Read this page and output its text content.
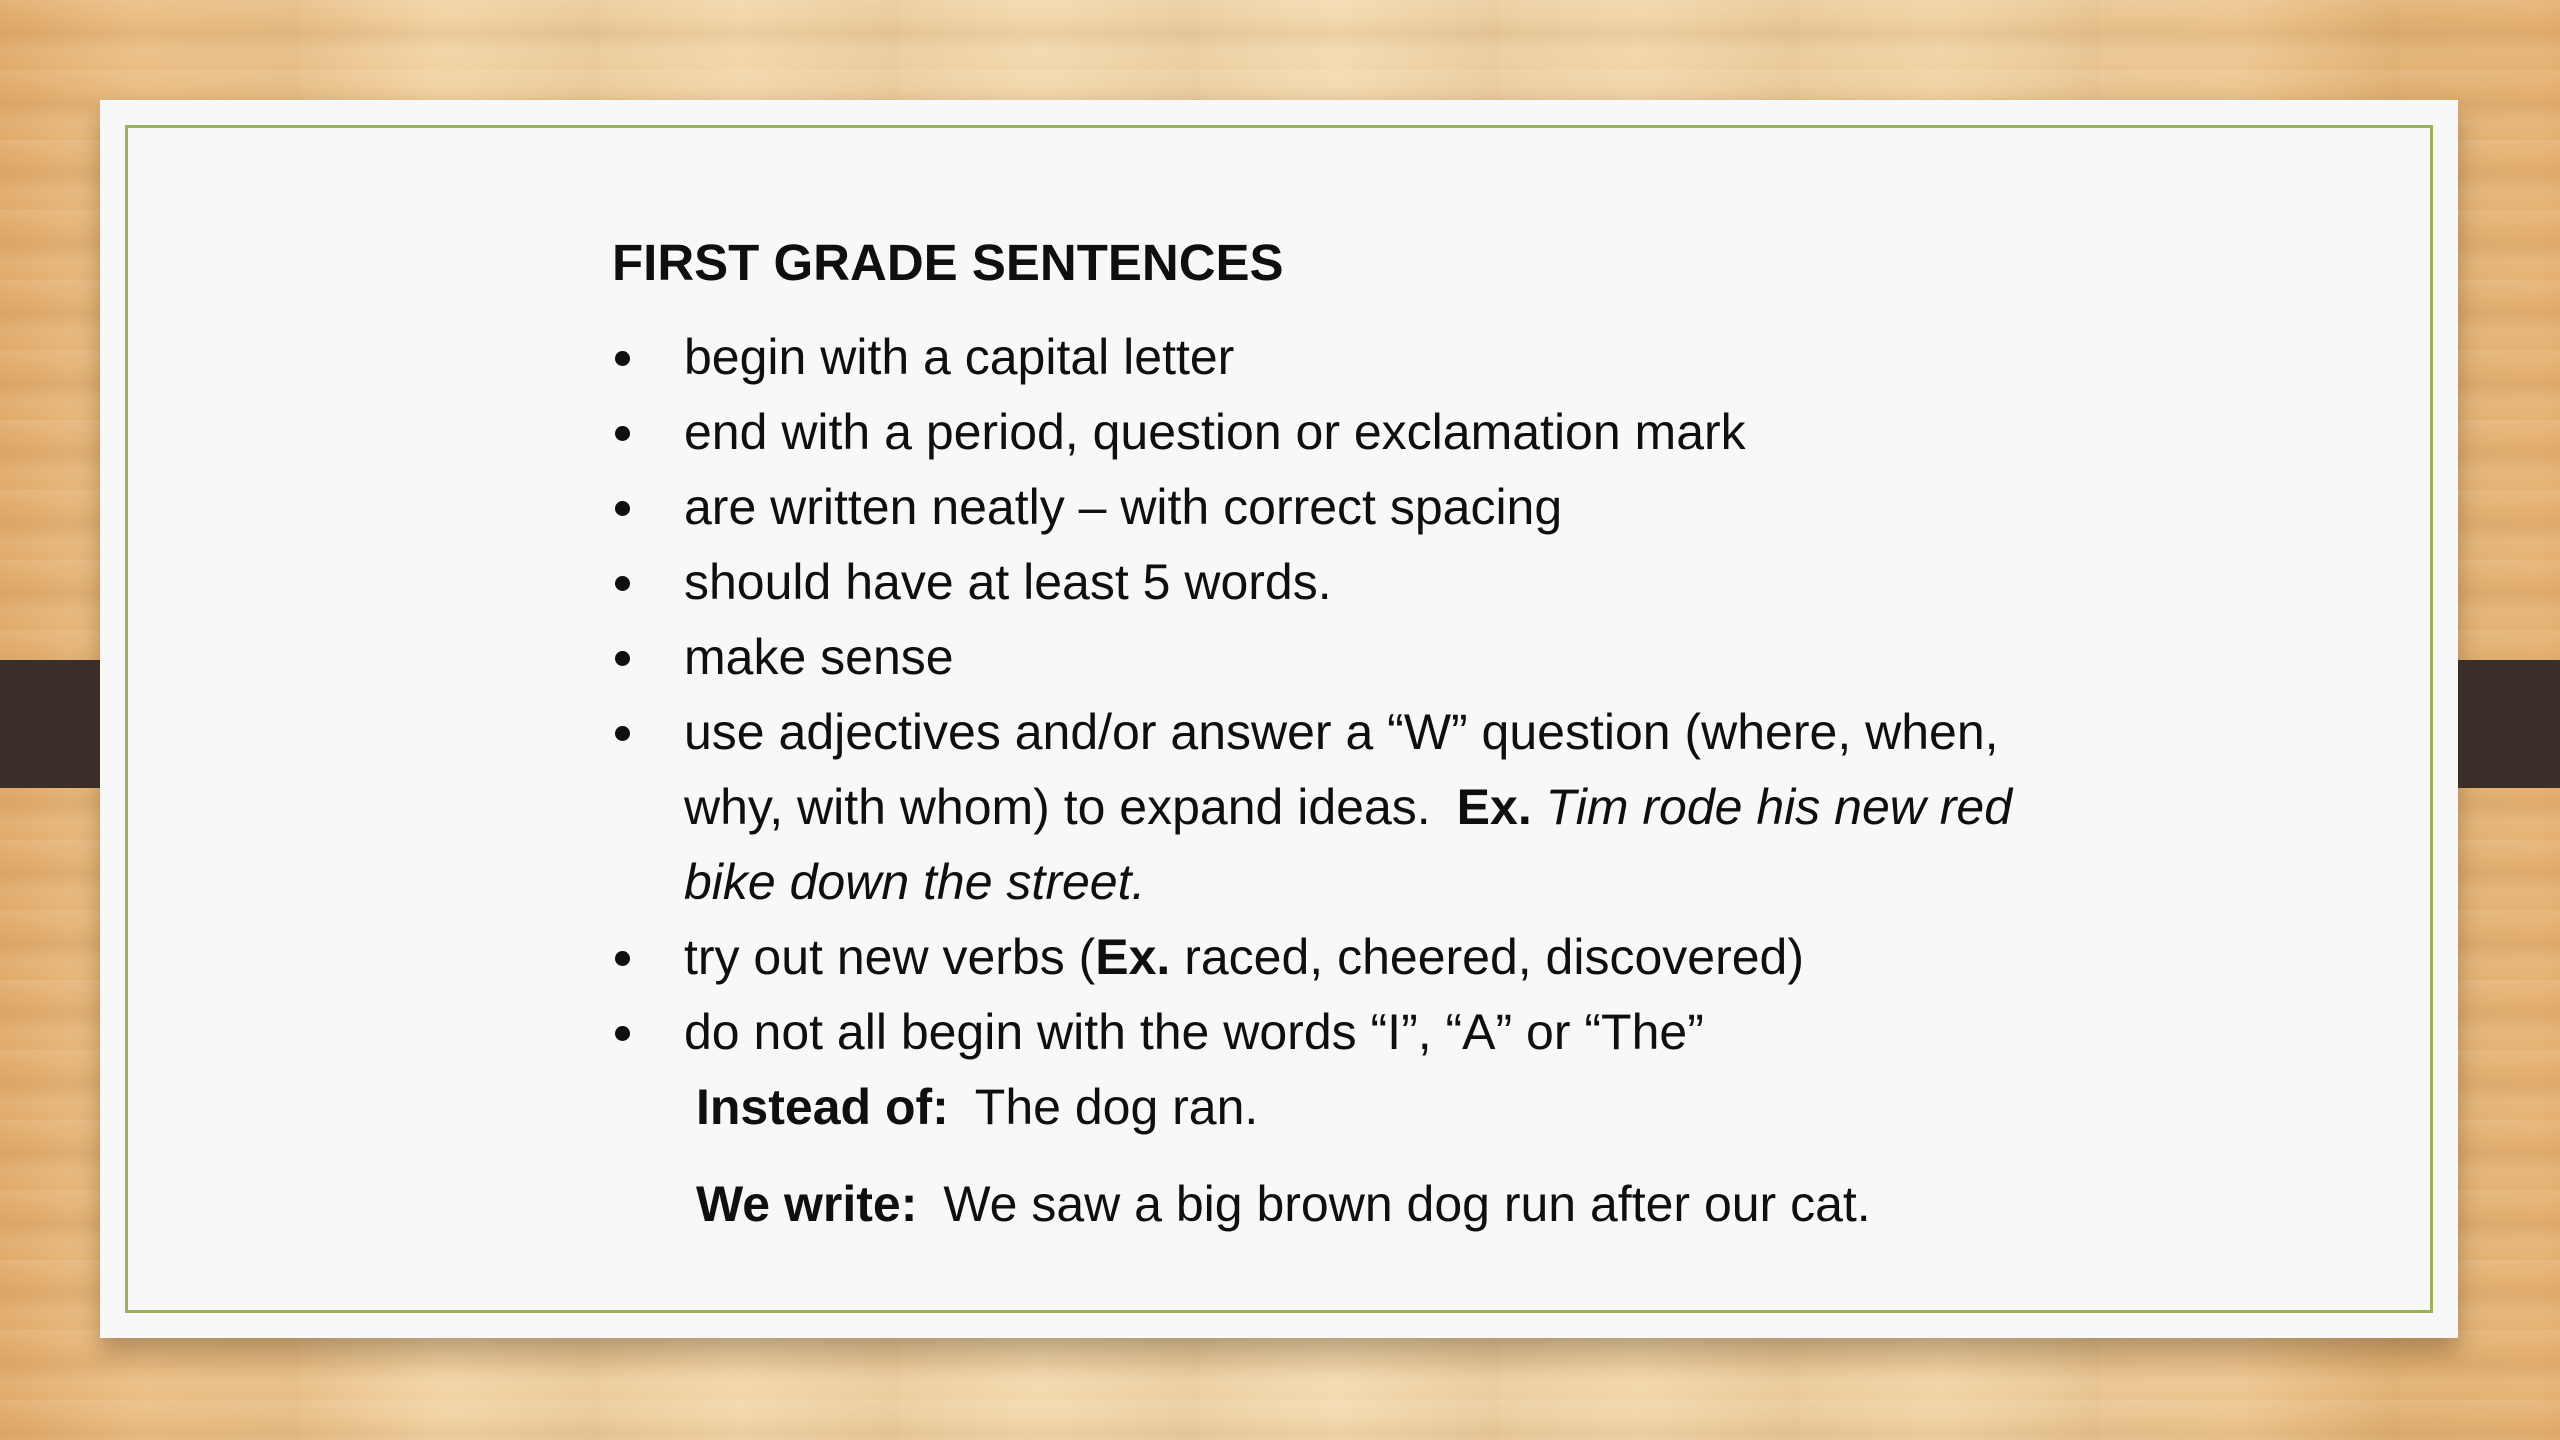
FIRST GRADE SENTENCES
begin with a capital letter
end with a period, question or exclamation mark
are written neatly – with correct spacing
should have at least 5 words.
make sense
use adjectives and/or answer a “W” question (where, when, why, with whom) to expand ideas. Ex. Tim rode his new red bike down the street.
try out new verbs (Ex. raced, cheered, discovered)
do not all begin with the words “I”, “A” or “The”
Instead of: The dog ran.
We write: We saw a big brown dog run after our cat.
